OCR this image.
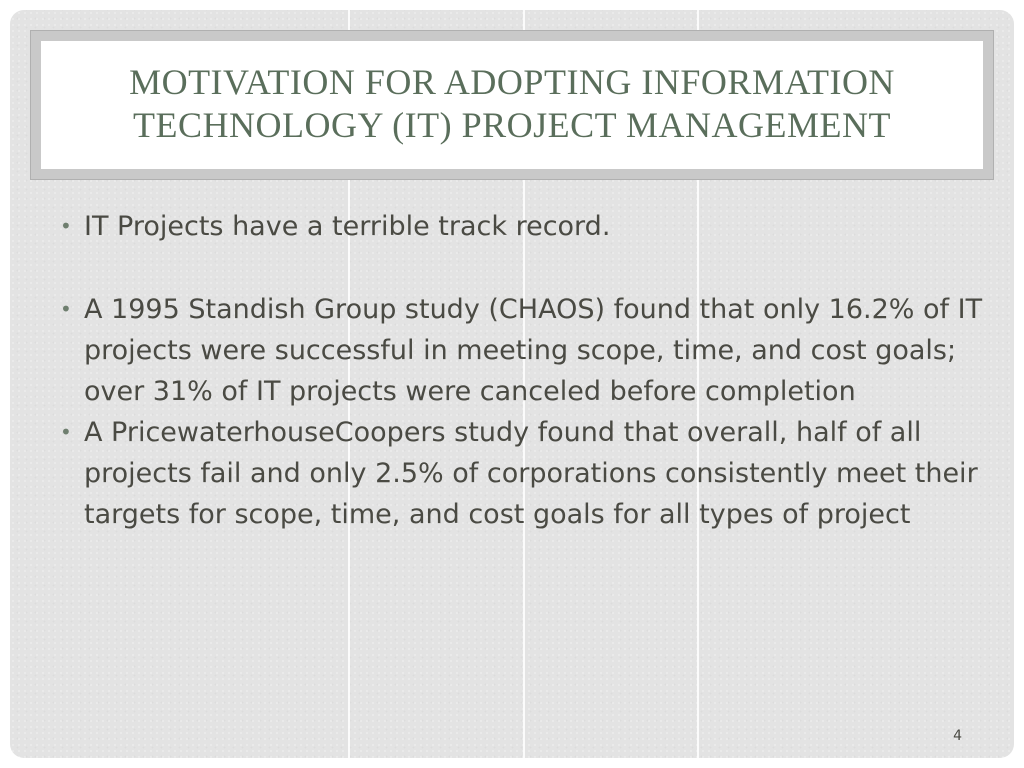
MOTIVATION FOR ADOPTING INFORMATION
TECHNOLOGY (IT) PROJECT MANAGEMENT
• IT Projects have a terrible track record.
• A 1995 Standish Group study (CHAOS) found that only 16.2% of IT projects were successful in meeting scope, time, and cost goals; over 31% of IT projects were canceled before completion
• A PricewaterhouseCoopers study found that overall, half of all projects fail and only 2.5% of corporations consistently meet their targets for scope, time, and cost goals for all types of project
4
